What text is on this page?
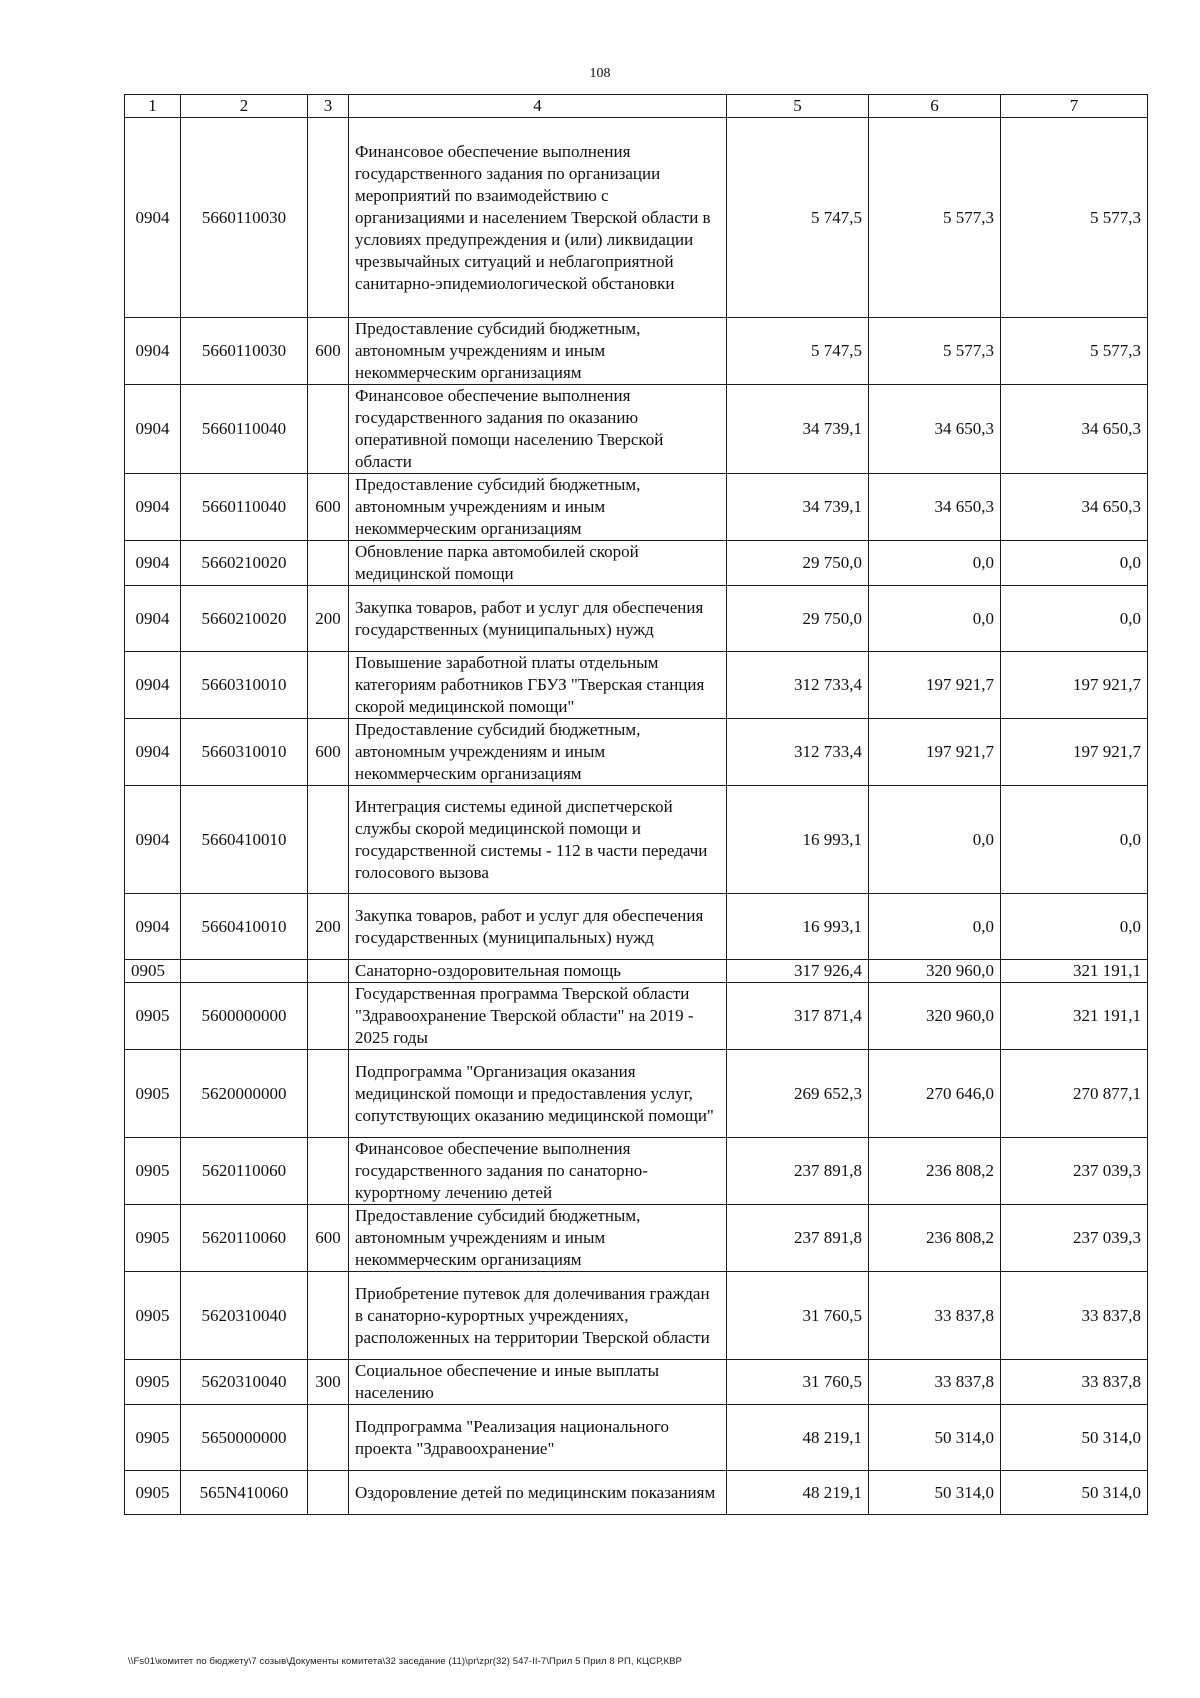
108
1	2	3	4	5	6	7
0904	5660110030		Финансовое обеспечение выполнения государственного задания по организации мероприятий по взаимодействию с организациями и населением Тверской области в условиях предупреждения и (или) ликвидации чрезвычайных ситуаций и неблагоприятной санитарно-эпидемиологической обстановки	5 747,5	5 577,3	5 577,3
0904	5660110030	600	Предоставление субсидий бюджетным, автономным учреждениям и иным некоммерческим организациям	5 747,5	5 577,3	5 577,3
0904	5660110040		Финансовое обеспечение выполнения государственного задания по оказанию оперативной помощи населению Тверской области	34 739,1	34 650,3	34 650,3
0904	5660110040	600	Предоставление субсидий бюджетным, автономным учреждениям и иным некоммерческим организациям	34 739,1	34 650,3	34 650,3
0904	5660210020		Обновление парка автомобилей скорой медицинской помощи	29 750,0	0,0	0,0
0904	5660210020	200	Закупка товаров, работ и услуг для обеспечения государственных (муниципальных) нужд	29 750,0	0,0	0,0
0904	5660310010		Повышение заработной платы отдельным категориям работников ГБУЗ "Тверская станция скорой медицинской помощи"	312 733,4	197 921,7	197 921,7
0904	5660310010	600	Предоставление субсидий бюджетным, автономным учреждениям и иным некоммерческим организациям	312 733,4	197 921,7	197 921,7
0904	5660410010		Интеграция системы единой диспетчерской службы скорой медицинской помощи и государственной системы - 112 в части передачи голосового вызова	16 993,1	0,0	0,0
0904	5660410010	200	Закупка товаров, работ и услуг для обеспечения государственных (муниципальных) нужд	16 993,1	0,0	0,0
0905			Санаторно-оздоровительная помощь	317 926,4	320 960,0	321 191,1
0905	5600000000		Государственная программа Тверской области "Здравоохранение Тверской области" на 2019 - 2025 годы	317 871,4	320 960,0	321 191,1
0905	5620000000		Подпрограмма "Организация оказания медицинской помощи и предоставления услуг, сопутствующих оказанию медицинской помощи"	269 652,3	270 646,0	270 877,1
0905	5620110060		Финансовое обеспечение выполнения государственного задания по санаторно-курортному лечению детей	237 891,8	236 808,2	237 039,3
0905	5620110060	600	Предоставление субсидий бюджетным, автономным учреждениям и иным некоммерческим организациям	237 891,8	236 808,2	237 039,3
0905	5620310040		Приобретение путевок для долечивания граждан в санаторно-курортных учреждениях, расположенных на территории Тверской области	31 760,5	33 837,8	33 837,8
0905	5620310040	300	Социальное обеспечение и иные выплаты населению	31 760,5	33 837,8	33 837,8
0905	5650000000		Подпрограмма "Реализация национального проекта "Здравоохранение"	48 219,1	50 314,0	50 314,0
0905	565N410060		Оздоровление детей по медицинским показаниям	48 219,1	50 314,0	50 314,0
\\Fs01\комитет по бюджету\7 созыв\Документы комитета\32 заседание (11)\pr\zpr(32) 547-II-7\Прил 5 Прил 8 РП, КЦСР,КВР
